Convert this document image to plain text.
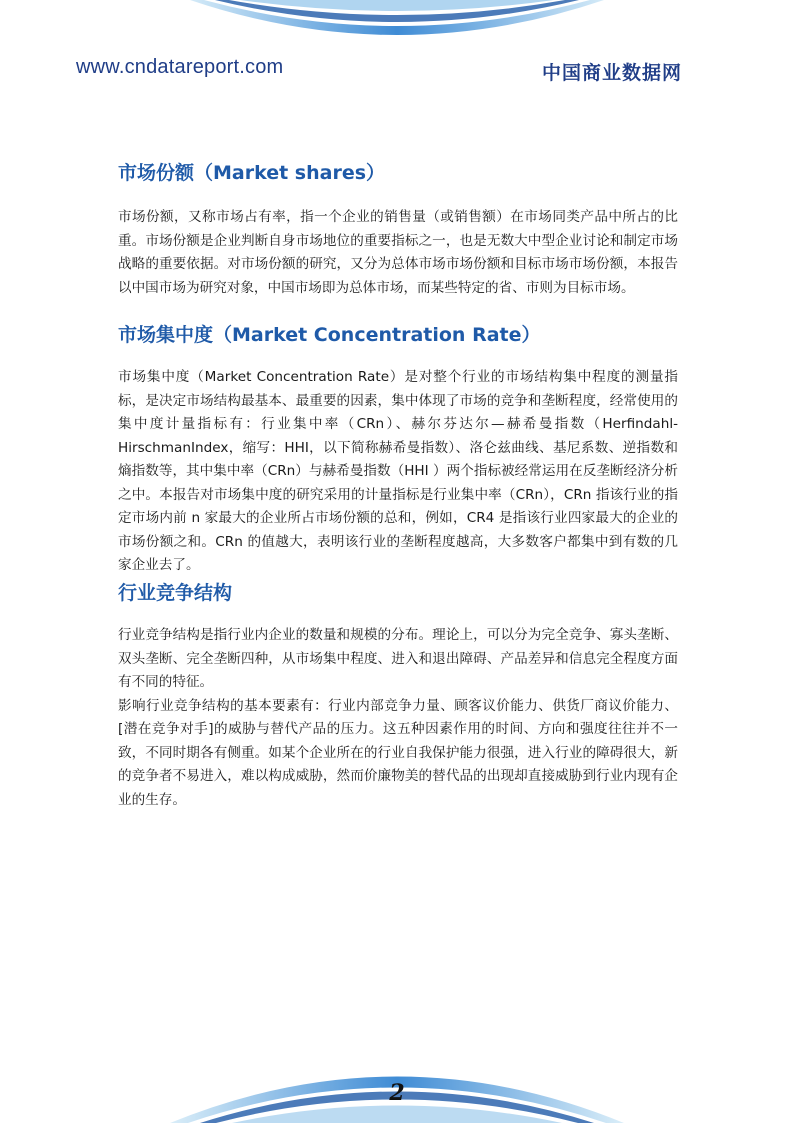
www.cndatareport.com	中国商业数据网
市场份额（Market shares）

市场份额，又称市场占有率，指一个企业的销售量（或销售额）在市场同类产品中所占的比重。市场份额是企业判断自身市场地位的重要指标之一，也是无数大中型企业讨论和制定市场战略的重要依据。对市场份额的研究，又分为总体市场市场份额和目标市场市场份额，本报告以中国市场为研究对象，中国市场即为总体市场，而某些特定的省、市则为目标市场。

市场集中度（Market Concentration Rate）

市场集中度（Market Concentration Rate）是对整个行业的市场结构集中程度的测量指标，是决定市场结构最基本、最重要的因素，集中体现了市场的竞争和垄断程度，经常使用的集中度计量指标有：行业集中率（CRn）、赫尔芬达尔—赫希曼指数（Herfindahl-HirschmanIndex，缩写：HHI，以下简称赫希曼指数）、洛仑兹曲线、基尼系数、逆指数和熵指数等，其中集中率（CRn）与赫希曼指数（HHI ）两个指标被经常运用在反垄断经济分析之中。本报告对市场集中度的研究采用的计量指标是行业集中率（CRn），CRn 指该行业的指定市场内前 n 家最大的企业所占市场份额的总和，例如，CR4 是指该行业四家最大的企业的市场份额之和。CRn 的值越大，表明该行业的垄断程度越高，大多数客户都集中到有数的几家企业去了。

行业竞争结构

行业竞争结构是指行业内企业的数量和规模的分布。理论上，可以分为完全竞争、寡头垄断、双头垄断、完全垄断四种，从市场集中程度、进入和退出障碍、产品差异和信息完全程度方面有不同的特征。

影响行业竞争结构的基本要素有：行业内部竞争力量、顾客议价能力、供货厂商议价能力、[潜在竞争对手]的威胁与替代产品的压力。这五种因素作用的时间、方向和强度往往并不一致，不同时期各有侧重。如某个企业所在的行业自我保护能力很强，进入行业的障碍很大，新的竞争者不易进入，难以构成威胁，然而价廉物美的替代品的出现却直接威胁到行业内现有企业的生存。

2
